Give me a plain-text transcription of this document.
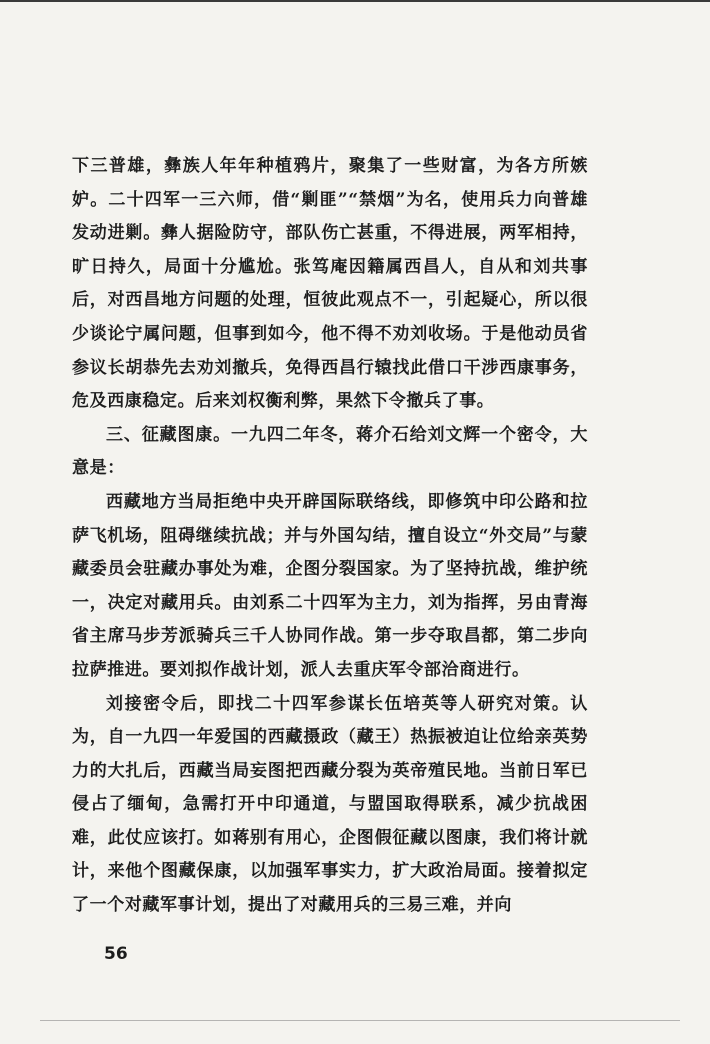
下三普雄，彝族人年年种植鸦片，聚集了一些财富，为各方所嫉妒。二十四军一三六师，借“剿匪”“禁烟”为名，使用兵力向普雄发动进剿。彝人据险防守，部队伤亡甚重，不得进展，两军相持，旷日持久，局面十分尴尬。张笃庵因籍属西昌人，自从和刘共事后，对西昌地方问题的处理，恒彼此观点不一，引起疑心，所以很少谈论宁属问题，但事到如今，他不得不劝刘收场。于是他动员省参议长胡恭先去劝刘撤兵，免得西昌行辕找此借口干涉西康事务，危及西康稳定。后来刘权衡利弊，果然下令撤兵了事。

三、征藏图康。一九四二年冬，蒋介石给刘文辉一个密令，大意是：

西藏地方当局拒绝中央开辟国际联络线，即修筑中印公路和拉萨飞机场，阻碍继续抗战；并与外国勾结，擅自设立“外交局”与蒙藏委员会驻藏办事处为难，企图分裂国家。为了坚持抗战，维护统一，决定对藏用兵。由刘系二十四军为主力，刘为指挥，另由青海省主席马步芳派骑兵三千人协同作战。第一步夺取昌都，第二步向拉萨推进。要刘拟作战计划，派人去重庆军令部洽商进行。

刘接密令后，即找二十四军参谋长伍培英等人研究对策。认为，自一九四一年爱国的西藏摄政（藏王）热振被迫让位给亲英势力的大扎后，西藏当局妄图把西藏分裂为英帝殖民地。当前日军已侵占了缅甸，急需打开中印通道，与盟国取得联系，减少抗战困难，此仗应该打。如蒋别有用心，企图假征藏以图康，我们将计就计，来他个图藏保康，以加强军事实力，扩大政治局面。接着拟定了一个对藏军事计划，提出了对藏用兵的三易三难，并向

56
